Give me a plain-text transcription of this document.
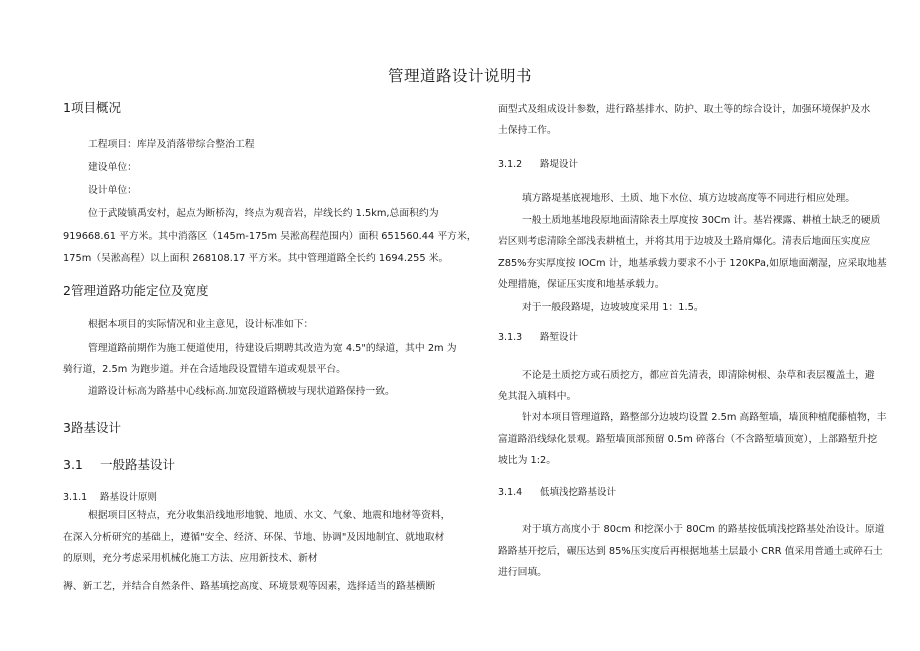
管理道路设计说明书
1项目概况

工程项目：库岸及消落带综合整治工程

建设单位：

设计单位：

位于武陵镇禹安村，起点为断桥沟，终点为观音岩，岸线长约 1.5km,总面积约为

919668.61 平方米。其中消落区（145m-175m 吴淞高程范围内）面积 651560.44 平方米，

175m（吴淞高程）以上面积 268108.17 平方米。其中管理道路全长约 1694.255 米。

2管理道路功能定位及宽度

根据本项目的实际情况和业主意见，设计标准如下：

管理道路前期作为施工便道使用，待建设后期聘其改造为宽 4.5"的绿道，其中 2m 为

骑行道，2.5m 为跑步道。并在合适地段设置错车道或观景平台。

道路设计标高为路基中心线标高.加宽段道路横坡与现状道路保持一致。

3路基设计
3.1 一般路基设计
3.1.1 路基设计原则

根据项目区特点，充分收集沿线地形地貌、地质、水文、气象、地震和地材等资料，

在深入分析研究的基础上，遵循"安全、经济、环保、节地、协调"及因地制宜、就地取材

的原则，充分考虑采用机械化施工方法、应用新技术、新材

褥、新工艺，并结合自然条件、路基填挖高度、环境景观等因素，选择适当的路基横断

面型式及组成设计参数，进行路基排水、防护、取土等的综合设计，加强环境保护及水

土保持工作。

3.1.2 路堤设计

填方路堤基底视地形、土质、地下水位、填方边坡高度等不同进行相应处理。

一般土质地基地段原地面清除表土厚度按 30Cm 计。基岩裸露、耕植土缺乏的硬质

岩区则考虑清除全部浅表耕植土，并将其用于边坡及土路肩爆化。清表后地面压实度应

Z85%夯实厚度按 IOCm 计，地基承载力要求不小于 120KPa,如原地面潮湿，应采取地基

处理措施，保证压实度和地基承载力。

对于一般段路堤，边坡坡度采用 1：1.5。

3.1.3 路堑设计

不论是土质挖方或石质挖方，都应首先清表，即清除树根、杂草和表层覆盖土，避

免其混入填料中。

针对本项目管理道路，路整部分边坡均设置 2.5m 高路堑墙，墙顶种植爬藤植物，丰

富道路沿线绿化景观。路堑墙顶部预留 0.5m 碎落台（不含路堑墙顶宽），上部路堑升挖

坡比为 1:2。

3.1.4 低填浅挖路基设计

对于填方高度小于 80cm 和挖深小于 80Cm 的路基按低填浅挖路基处治设计。原道

路路基开挖后，碾压达到 85%压实度后再根据地基土层最小 CRR 值采用普通土或碎石土

进行回填。
